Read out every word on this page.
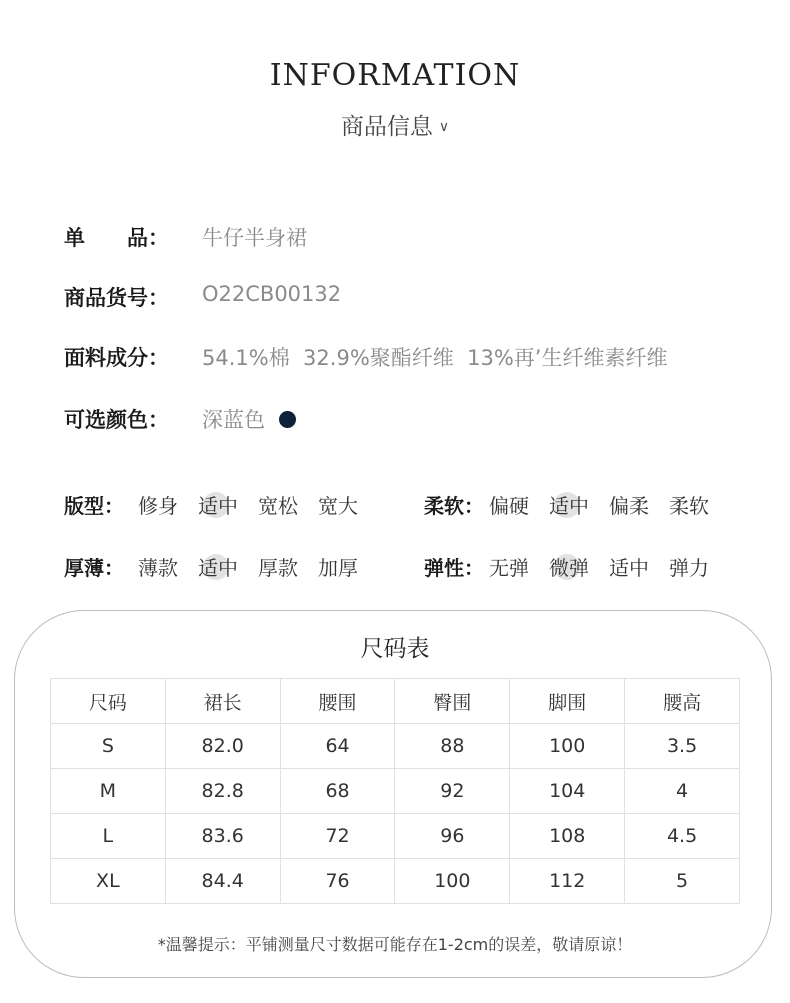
INFORMATION
商品信息 ∨
单　　品： 牛仔半身裙
商品货号： O22CB00132
面料成分： 54.1%棉  32.9%聚酯纤维  13%再’生纤维素纤维
可选颜色： 深蓝色
版型： 修身 适中 宽松 宽大	柔软： 偏硬 适中 偏柔 柔软
厚薄： 薄款 适中 厚款 加厚	弹性： 无弹 微弹 适中 弹力
尺码表
尺码	裙长	腰围	臀围	脚围	腰高
S	82.0	64	88	100	3.5
M	82.8	68	92	104	4
L	83.6	72	96	108	4.5
XL	84.4	76	100	112	5
*温馨提示：平铺测量尺寸数据可能存在1-2cm的误差，敬请原谅！
